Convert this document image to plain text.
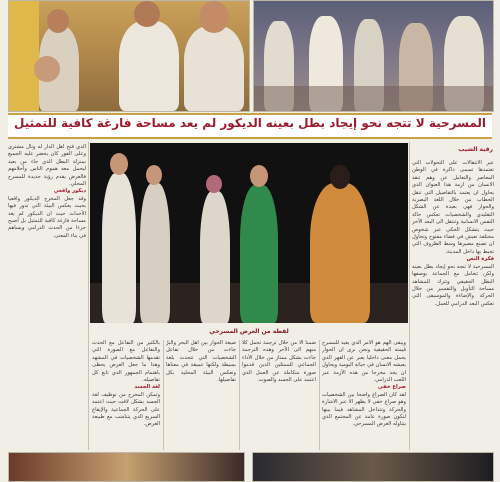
المسرحية لا تتجه نحو إيجاد بطل بعينه
الديكور لم يعد مساحة فارغة كافية للتمثيل
رقية الشيب

عبر الانتقالات على التحولات التي تعتمدها تسمى ذاكرة في الوطن المعاصر والتعامل عن وهم تنقذ الانسان من ازمة هذا العنوان الذي يحاول ان يعتمد بالتفاصيل التي تنقل الخطاب من خلال اللغة البصرية والحوار فهي بعيدة عن الشكل التقليدي والشخصيات تعكس حالة النفس الانسانية وتنتقل الى البعد الآخر حيث يتشكل الحكي عبر شخوص مختلفة تعيش في فضاء مفتوح وتحاول ان تصنع مصيرها وسط الظروف التي تحيط بها داخل المدينة.

فكرة النص

المسرحية لا تتجه نحو إيجاد بطل بعينه ولكن تتعامل مع الجماعة بوصفها البطل الحقيقي وتترك للمشاهد مساحة التأويل والتفسير من خلال الحركة والإضاءة والموسيقى التي تعكس البعد الدرامي للعمل.

لقطة من العرض المسرحي

ويبقى الهم هو الأمر الذي يعيد للمسرح قيمته الحقيقية ونحن نرى ان الحوار يحمل معنى داخليا يعبر عن القهر الذي يعيشه الانسان في حياته اليومية ويحاول ان يجد مخرجا من هذه الأزمة عبر اللعب الدرامي.

صراع خفي

لقد كان الصراع واضحا بين الشخصيات وهو صراع خفي لا يظهر الا عبر الاشارة والحركة وتتداخل المشاهد فيما بينها لتكون صورة عامة عن المجتمع الذي يتناوله العرض المسرحي.

ضمنا الا من خلال ترجمة تحمل كلا منهم الى الآخر وهذه الترجمة جاءت بشكل ممتاز من خلال الأداء الجماعي للممثلين الذين قدموا صورة متكاملة عن العمل الذي اعتمد على الجسد والصوت.

صيغة الحوار بين أهل البحر والبرّ جاءت من خلال تفاعل الشخصيات التي تتحدث بلغة بسيطة ولكنها عميقة في معناها وتعكس البيئة المحلية بكل تفاصيلها.

بالكثير من التفاعل مع الحدث والتفاعل مع الصورة التي تقدمها الشخصيات في المشهد وهذا ما جعل العرض يحظى باهتمام الجمهور الذي تابع كل تفاصيله.

لغة الجسد

وتمكن المخرج من توظيف لغة الجسد بشكل لافت حيث اعتمد على الحركة الجماعية والإيقاع السريع الذي يتناسب مع طبيعة العرض.

الذي فتح أهل الدار له ونال مشترى وعلى الفور كان يحضر عليه الجميع بمنزلة البطل الذي جاء من بعيد ليحمل معه هموم الناس وأحلامهم فالعرض يقدم رؤية جديدة للمسرح المحلي.

ديكور واقعي

وقد جعل المخرج الديكور واقعيا بحيث يعكس البيئة التي تدور فيها الأحداث حيث ان الديكور لم يعد مساحة فارغة كافية للتمثيل بل أصبح جزءا من الحدث الدرامي ويساهم في بناء المعنى.
